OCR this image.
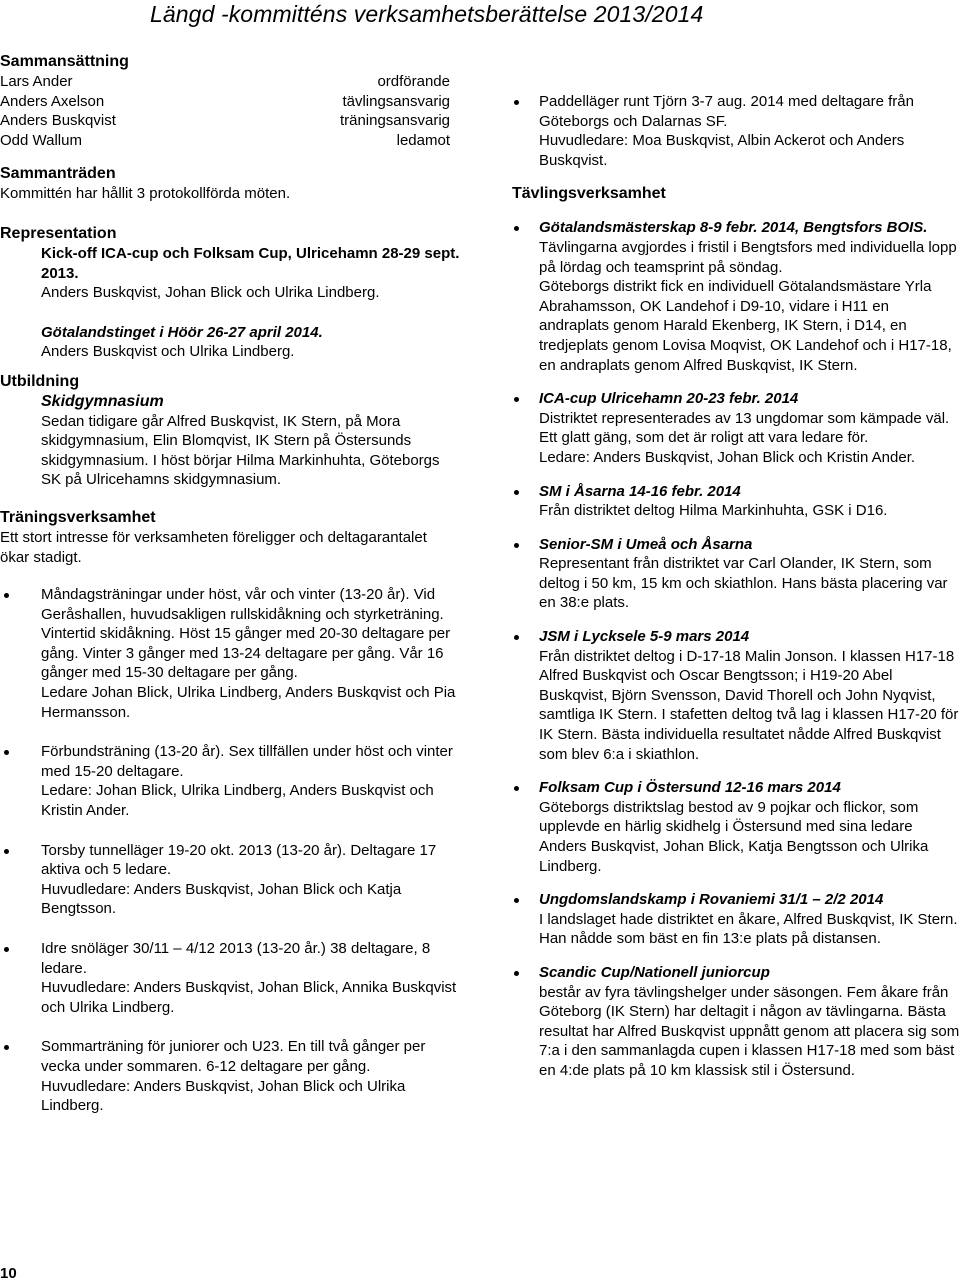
Längd -kommitténs verksamhetsberättelse 2013/2014
Sammansättning
Lars Ander	ordförande
Anders Axelson	tävlingsansvarig
Anders Buskqvist	träningsansvarig
Odd Wallum	ledamot
Sammanträden
Kommittén har hållit 3 protokollförda möten.
Representation
Kick-off ICA-cup och Folksam Cup, Ulricehamn 28-29 sept. 2013.
Anders Buskqvist, Johan Blick och Ulrika Lindberg.
Götalandstinget i Höör 26-27 april 2014.
Anders Buskqvist och Ulrika Lindberg.
Utbildning
Skidgymnasium
Sedan tidigare går Alfred Buskqvist, IK Stern, på Mora skidgymnasium, Elin Blomqvist, IK Stern på Östersunds skidgymnasium. I höst börjar Hilma Markinhuhta, Göteborgs SK på Ulricehamns skidgymnasium.
Träningsverksamhet
Ett stort intresse för verksamheten föreligger och deltagarantalet ökar stadigt.
Måndagsträningar under höst, vår och vinter (13-20 år). Vid Geråshallen, huvudsakligen rullskidåkning och styrketräning. Vintertid skidåkning. Höst 15 gånger med 20-30 deltagare per gång. Vinter 3 gånger med 13-24 deltagare per gång. Vår 16 gånger med 15-30 deltagare per gång.
Ledare Johan Blick, Ulrika Lindberg, Anders Buskqvist och Pia Hermansson.
Förbundsträning (13-20 år). Sex tillfällen under höst och vinter med 15-20 deltagare.
Ledare: Johan Blick, Ulrika Lindberg, Anders Buskqvist och Kristin Ander.
Torsby tunnelläger 19-20 okt. 2013 (13-20 år). Deltagare 17 aktiva och 5 ledare.
Huvudledare: Anders Buskqvist, Johan Blick och Katja Bengtsson.
Idre snöläger 30/11 – 4/12 2013 (13-20 år.) 38 deltagare, 8 ledare.
Huvudledare: Anders Buskqvist, Johan Blick, Annika Buskqvist och Ulrika Lindberg.
Sommarträning för juniorer och U23. En till två gånger per vecka under sommaren. 6-12 deltagare per gång.
Huvudledare: Anders Buskqvist, Johan Blick och Ulrika Lindberg.
Paddelläger runt Tjörn 3-7 aug. 2014 med deltagare från Göteborgs och Dalarnas SF.
Huvudledare: Moa Buskqvist, Albin Ackerot och Anders Buskqvist.
Tävlingsverksamhet
Götalandsmästerskap 8-9 febr. 2014, Bengtsfors BOIS.
Tävlingarna avgjordes i fristil i Bengtsfors med individuella lopp på lördag och teamsprint på söndag.
Göteborgs distrikt fick en individuell Götalandsmästare Yrla Abrahamsson, OK Landehof i D9-10, vidare i H11 en andraplats genom Harald Ekenberg, IK Stern, i D14, en tredjeplats genom Lovisa Moqvist, OK Landehof och i H17-18, en andraplats genom Alfred Buskqvist, IK Stern.
ICA-cup Ulricehamn 20-23 febr. 2014
Distriktet representerades av 13 ungdomar som kämpade väl. Ett glatt gäng, som det är roligt att vara ledare för.
Ledare: Anders Buskqvist, Johan Blick och Kristin Ander.
SM i Åsarna 14-16 febr. 2014
Från distriktet deltog Hilma Markinhuhta, GSK i D16.
Senior-SM i Umeå och Åsarna
Representant från distriktet var Carl Olander, IK Stern, som deltog i 50 km, 15 km och skiathlon. Hans bästa placering var en 38:e plats.
JSM i Lycksele 5-9 mars 2014
Från distriktet deltog i D-17-18 Malin Jonson. I klassen H17-18 Alfred Buskqvist och Oscar Bengtsson; i H19-20 Abel Buskqvist, Björn Svensson, David Thorell och John Nyqvist, samtliga IK Stern. I stafetten deltog två lag i klassen H17-20 för IK Stern. Bästa individuella resultatet nådde Alfred Buskqvist som blev 6:a i skiathlon.
Folksam Cup i Östersund 12-16 mars 2014
Göteborgs distriktslag bestod av 9 pojkar och flickor, som upplevde en härlig skidhelg i Östersund med sina ledare Anders Buskqvist, Johan Blick, Katja Bengtsson och Ulrika Lindberg.
Ungdomslandskamp i Rovaniemi 31/1 – 2/2 2014
I landslaget hade distriktet en åkare, Alfred Buskqvist, IK Stern. Han nådde som bäst en fin 13:e plats på distansen.
Scandic Cup/Nationell juniorcup
består av fyra tävlingshelger under säsongen. Fem åkare från Göteborg (IK Stern) har deltagit i någon av tävlingarna. Bästa resultat har Alfred Buskqvist uppnått genom att placera sig som 7:a i den sammanlagda cupen i klassen H17-18 med som bäst en 4:de plats på 10 km klassisk stil i Östersund.
10
